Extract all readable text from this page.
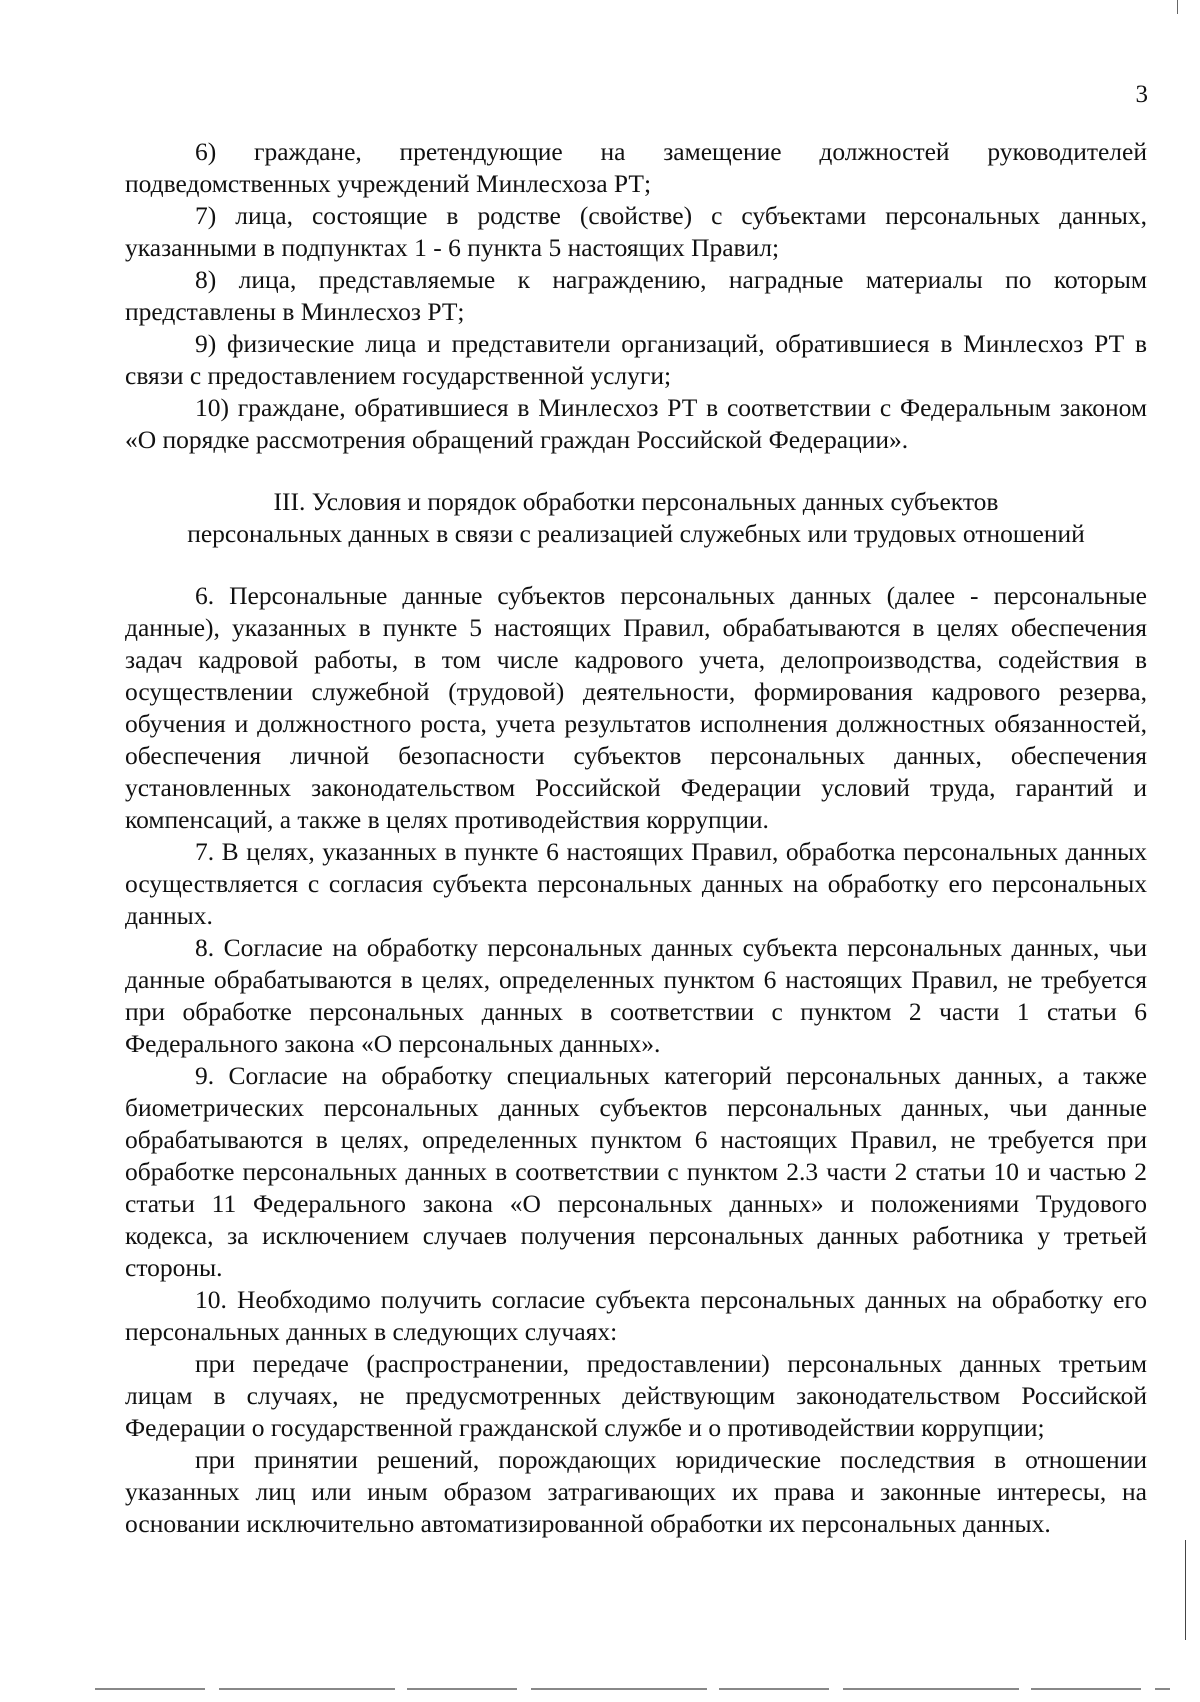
3

6) граждане, претендующие на замещение должностей руководителей подведомственных учреждений Минлесхоза РТ;

7) лица, состоящие в родстве (свойстве) с субъектами персональных данных, указанными в подпунктах 1 - 6 пункта 5 настоящих Правил;

8) лица, представляемые к награждению, наградные материалы по которым представлены в Минлесхоз РТ;

9) физические лица и представители организаций, обратившиеся в Минлесхоз РТ в связи с предоставлением государственной услуги;

10) граждане, обратившиеся в Минлесхоз РТ в соответствии с Федеральным законом «О порядке рассмотрения обращений граждан Российской Федерации».

III. Условия и порядок обработки персональных данных субъектов
персональных данных в связи с реализацией служебных или трудовых отношений

6. Персональные данные субъектов персональных данных (далее - персональные данные), указанных в пункте 5 настоящих Правил, обрабатываются в целях обеспечения задач кадровой работы, в том числе кадрового учета, делопроизводства, содействия в осуществлении служебной (трудовой) деятельности, формирования кадрового резерва, обучения и должностного роста, учета результатов исполнения должностных обязанностей, обеспечения личной безопасности субъектов персональных данных, обеспечения установленных законодательством Российской Федерации условий труда, гарантий и компенсаций, а также в целях противодействия коррупции.

7. В целях, указанных в пункте 6 настоящих Правил, обработка персональных данных осуществляется с согласия субъекта персональных данных на обработку его персональных данных.

8. Согласие на обработку персональных данных субъекта персональных данных, чьи данные обрабатываются в целях, определенных пунктом 6 настоящих Правил, не требуется при обработке персональных данных в соответствии с пунктом 2 части 1 статьи 6 Федерального закона «О персональных данных».

9. Согласие на обработку специальных категорий персональных данных, а также биометрических персональных данных субъектов персональных данных, чьи данные обрабатываются в целях, определенных пунктом 6 настоящих Правил, не требуется при обработке персональных данных в соответствии с пунктом 2.3 части 2 статьи 10 и частью 2 статьи 11 Федерального закона «О персональных данных» и положениями Трудового кодекса, за исключением случаев получения персональных данных работника у третьей стороны.

10. Необходимо получить согласие субъекта персональных данных на обработку его персональных данных в следующих случаях:

при передаче (распространении, предоставлении) персональных данных третьим лицам в случаях, не предусмотренных действующим законодательством Российской Федерации о государственной гражданской службе и о противодействии коррупции;

при принятии решений, порождающих юридические последствия в отношении указанных лиц или иным образом затрагивающих их права и законные интересы, на основании исключительно автоматизированной обработки их персональных данных.
